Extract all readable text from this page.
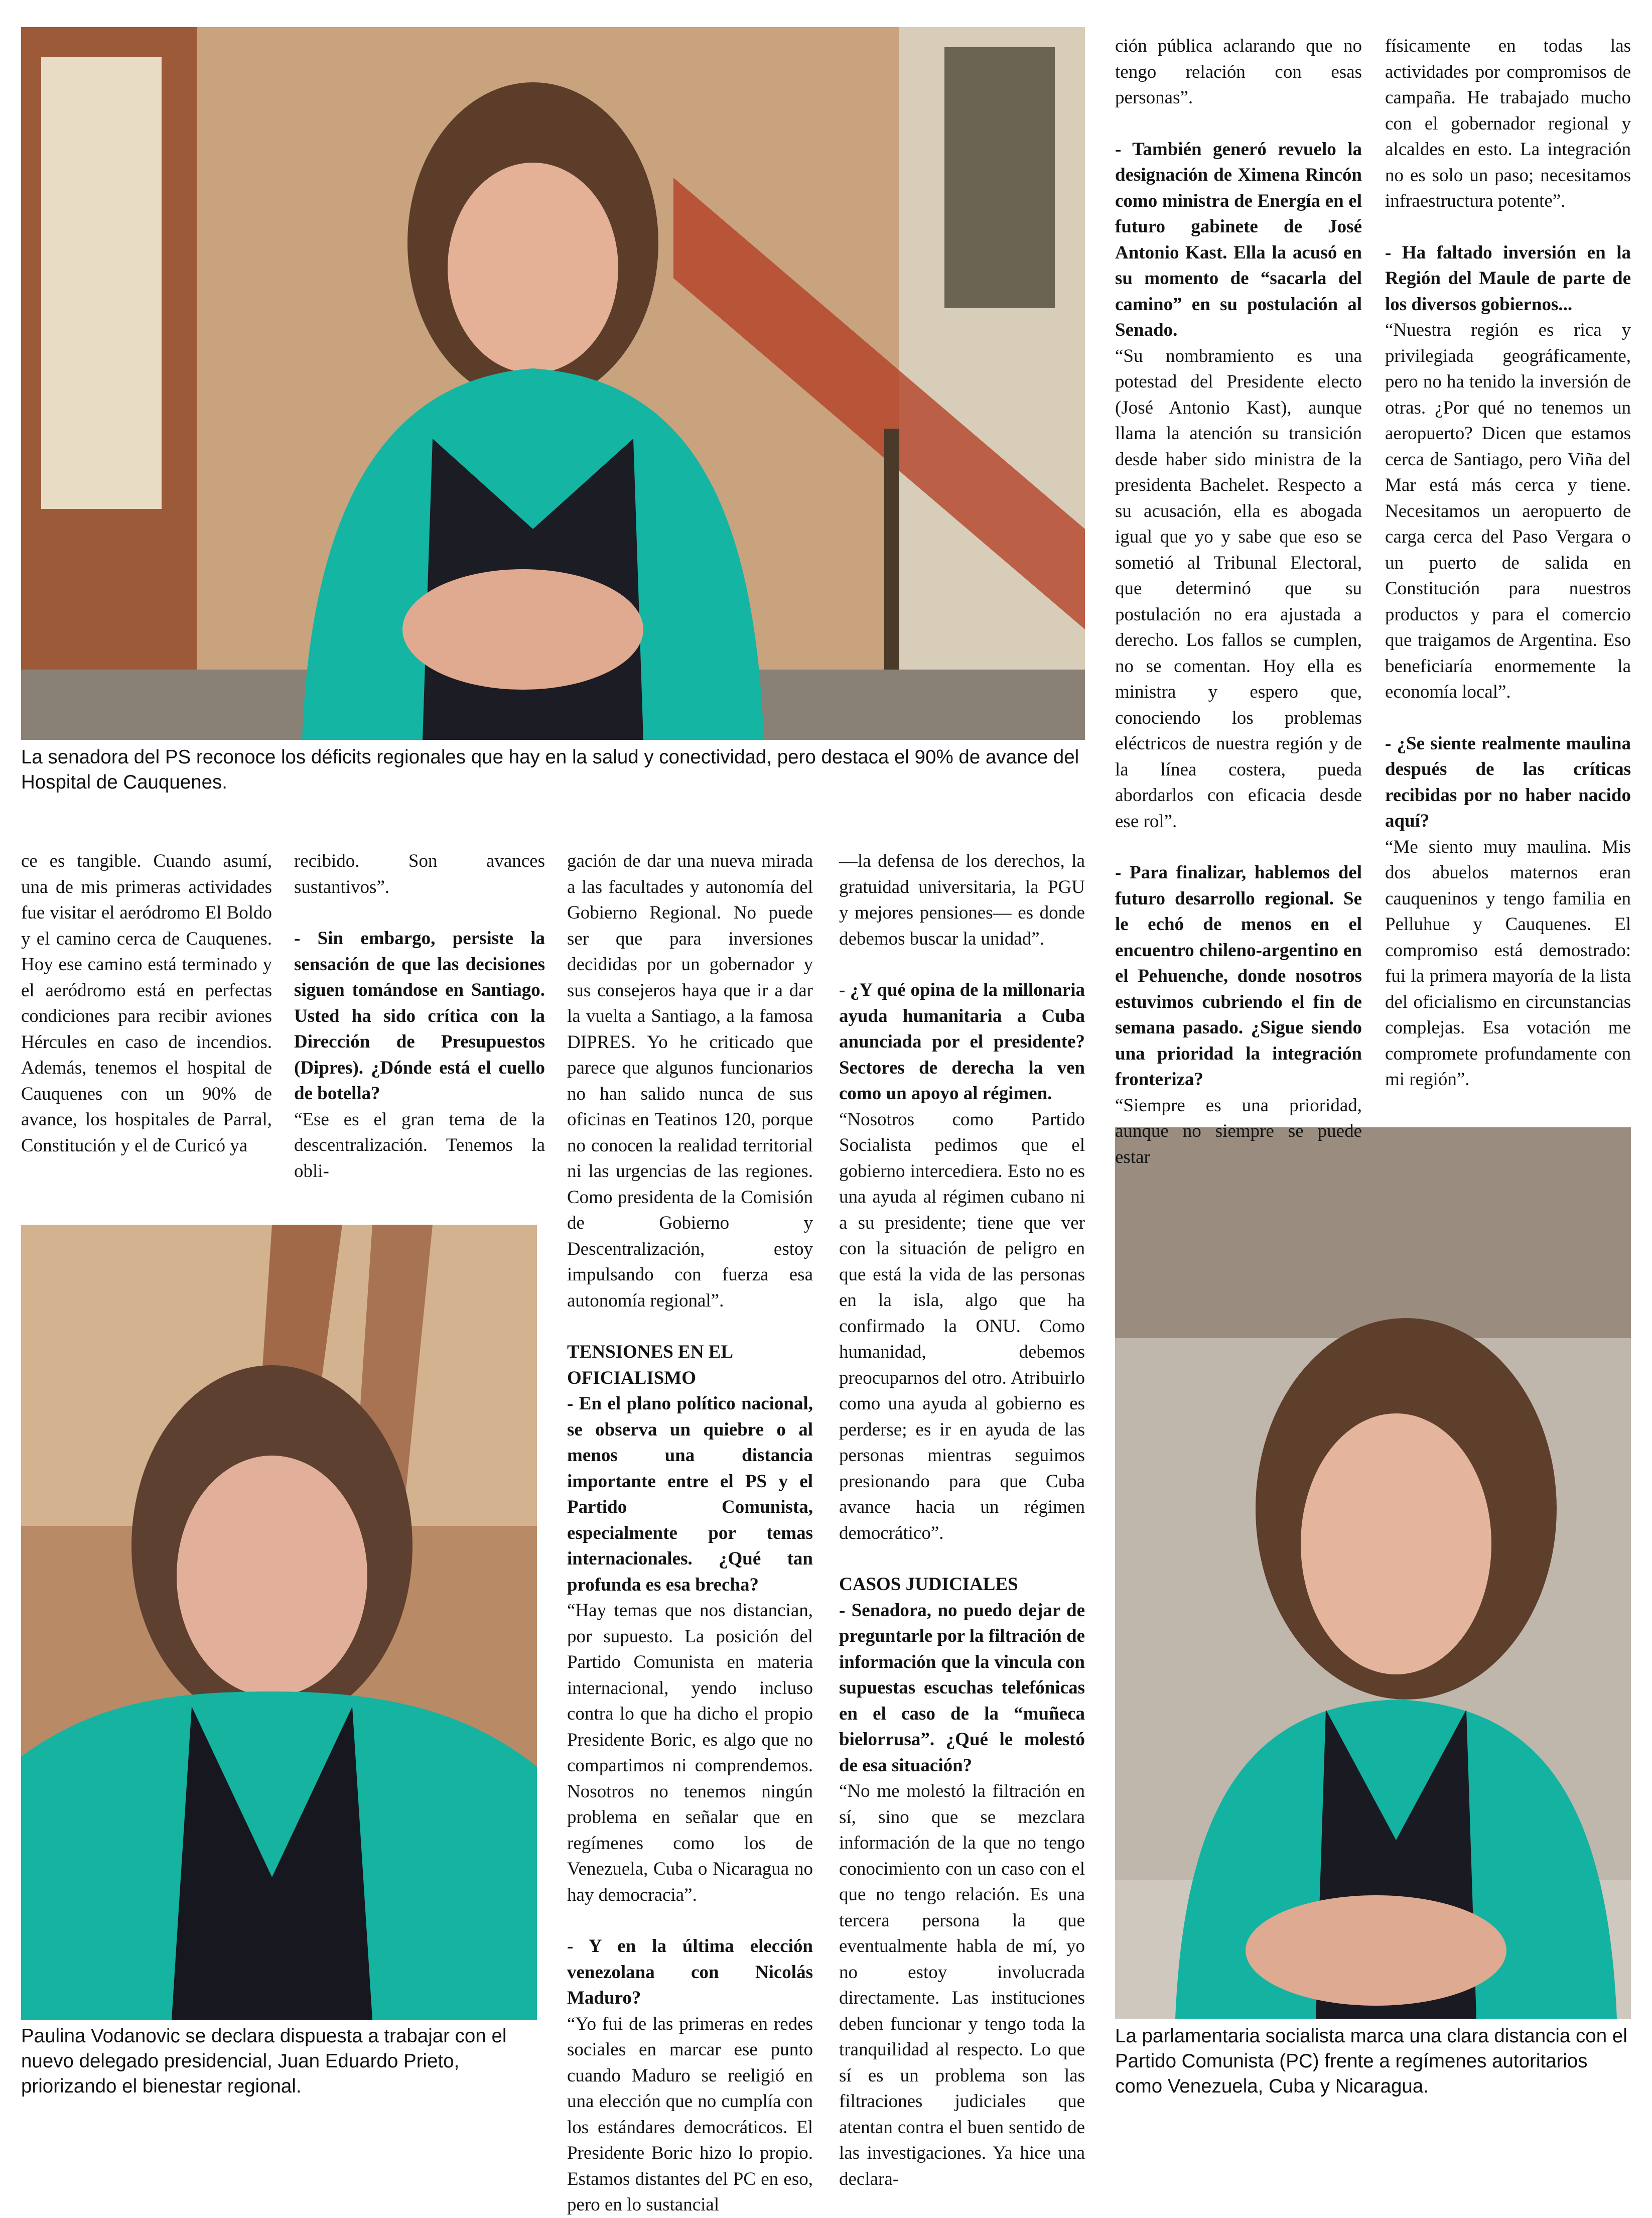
La senadora del PS reconoce los déficits regionales que hay en la salud y conectividad, pero destaca el 90% de avance del Hospital de Cauquenes.
Paulina Vodanovic se declara dispuesta a trabajar con el nuevo delegado presidencial, Juan Eduardo Prieto, priorizando el bienestar regional.
La parlamentaria socialista marca una clara distancia con el Partido Comunista (PC) frente a regímenes autoritarios como Venezuela, Cuba y Nicaragua.

ce es tangible. Cuando asumí, una de mis primeras actividades fue visitar el aeródromo El Boldo y el camino cerca de Cauquenes. Hoy ese camino está terminado y el aeródromo está en perfectas condiciones para recibir aviones Hércules en caso de incendios. Además, tenemos el hospital de Cauquenes con un 90% de avance, los hospitales de Parral, Constitución y el de Curicó ya

recibido. Son avances sustantivos”.

- Sin embargo, persiste la sensación de que las decisiones siguen tomándose en Santiago. Usted ha sido crítica con la Dirección de Presupuestos (Dipres). ¿Dónde está el cuello de botella?

“Ese es el gran tema de la descentralización. Tenemos la obli-

gación de dar una nueva mirada a las facultades y autonomía del Gobierno Regional. No puede ser que para inversiones decididas por un gobernador y sus consejeros haya que ir a dar la vuelta a Santiago, a la famosa DIPRES. Yo he criticado que parece que algunos funcionarios no han salido nunca de sus oficinas en Teatinos 120, porque no conocen la realidad territorial ni las urgencias de las regiones. Como presidenta de la Comisión de Gobierno y Descentralización, estoy impulsando con fuerza esa autonomía regional”.

TENSIONES EN EL OFICIALISMO

- En el plano político nacional, se observa un quiebre o al menos una distancia importante entre el PS y el Partido Comunista, especialmente por temas internacionales. ¿Qué tan profunda es esa brecha?

“Hay temas que nos distancian, por supuesto. La posición del Partido Comunista en materia internacional, yendo incluso contra lo que ha dicho el propio Presidente Boric, es algo que no compartimos ni comprendemos. Nosotros no tenemos ningún problema en señalar que en regímenes como los de Venezuela, Cuba o Nicaragua no hay democracia”.

- Y en la última elección venezolana con Nicolás Maduro?

“Yo fui de las primeras en redes sociales en marcar ese punto cuando Maduro se reeligió en una elección que no cumplía con los estándares democráticos. El Presidente Boric hizo lo propio. Estamos distantes del PC en eso, pero en lo sustancial

—la defensa de los derechos, la gratuidad universitaria, la PGU y mejores pensiones— es donde debemos buscar la unidad”.

- ¿Y qué opina de la millonaria ayuda humanitaria a Cuba anunciada por el presidente? Sectores de derecha la ven como un apoyo al régimen.

“Nosotros como Partido Socialista pedimos que el gobierno intercediera. Esto no es una ayuda al régimen cubano ni a su presidente; tiene que ver con la situación de peligro en que está la vida de las personas en la isla, algo que ha confirmado la ONU. Como humanidad, debemos preocuparnos del otro. Atribuirlo como una ayuda al gobierno es perderse; es ir en ayuda de las personas mientras seguimos presionando para que Cuba avance hacia un régimen democrático”.

CASOS JUDICIALES

- Senadora, no puedo dejar de preguntarle por la filtración de información que la vincula con supuestas escuchas telefónicas en el caso de la “muñeca bielorrusa”. ¿Qué le molestó de esa situación?

“No me molestó la filtración en sí, sino que se mezclara información de la que no tengo conocimiento con un caso con el que no tengo relación. Es una tercera persona la que eventualmente habla de mí, yo no estoy involucrada directamente. Las instituciones deben funcionar y tengo toda la tranquilidad al respecto. Lo que sí es un problema son las filtraciones judiciales que atentan contra el buen sentido de las investigaciones. Ya hice una declara-

ción pública aclarando que no tengo relación con esas personas”.

- También generó revuelo la designación de Ximena Rincón como ministra de Energía en el futuro gabinete de José Antonio Kast. Ella la acusó en su momento de “sacarla del camino” en su postulación al Senado.

“Su nombramiento es una potestad del Presidente electo (José Antonio Kast), aunque llama la atención su transición desde haber sido ministra de la presidenta Bachelet. Respecto a su acusación, ella es abogada igual que yo y sabe que eso se sometió al Tribunal Electoral, que determinó que su postulación no era ajustada a derecho. Los fallos se cumplen, no se comentan. Hoy ella es ministra y espero que, conociendo los problemas eléctricos de nuestra región y de la línea costera, pueda abordarlos con eficacia desde ese rol”.

- Para finalizar, hablemos del futuro desarrollo regional. Se le echó de menos en el encuentro chileno-argentino en el Pehuenche, donde nosotros estuvimos cubriendo el fin de semana pasado. ¿Sigue siendo una prioridad la integración fronteriza?

“Siempre es una prioridad, aunque no siempre se puede estar

físicamente en todas las actividades por compromisos de campaña. He trabajado mucho con el gobernador regional y alcaldes en esto. La integración no es solo un paso; necesitamos infraestructura potente”.

- Ha faltado inversión en la Región del Maule de parte de los diversos gobiernos...

“Nuestra región es rica y privilegiada geográficamente, pero no ha tenido la inversión de otras. ¿Por qué no tenemos un aeropuerto? Dicen que estamos cerca de Santiago, pero Viña del Mar está más cerca y tiene. Necesitamos un aeropuerto de carga cerca del Paso Vergara o un puerto de salida en Constitución para nuestros productos y para el comercio que traigamos de Argentina. Eso beneficiaría enormemente la economía local”.

- ¿Se siente realmente maulina después de las críticas recibidas por no haber nacido aquí?

“Me siento muy maulina. Mis dos abuelos maternos eran cauqueninos y tengo familia en Pelluhue y Cauquenes. El compromiso está demostrado: fui la primera mayoría de la lista del oficialismo en circunstancias complejas. Esa votación me compromete profundamente con mi región”.
